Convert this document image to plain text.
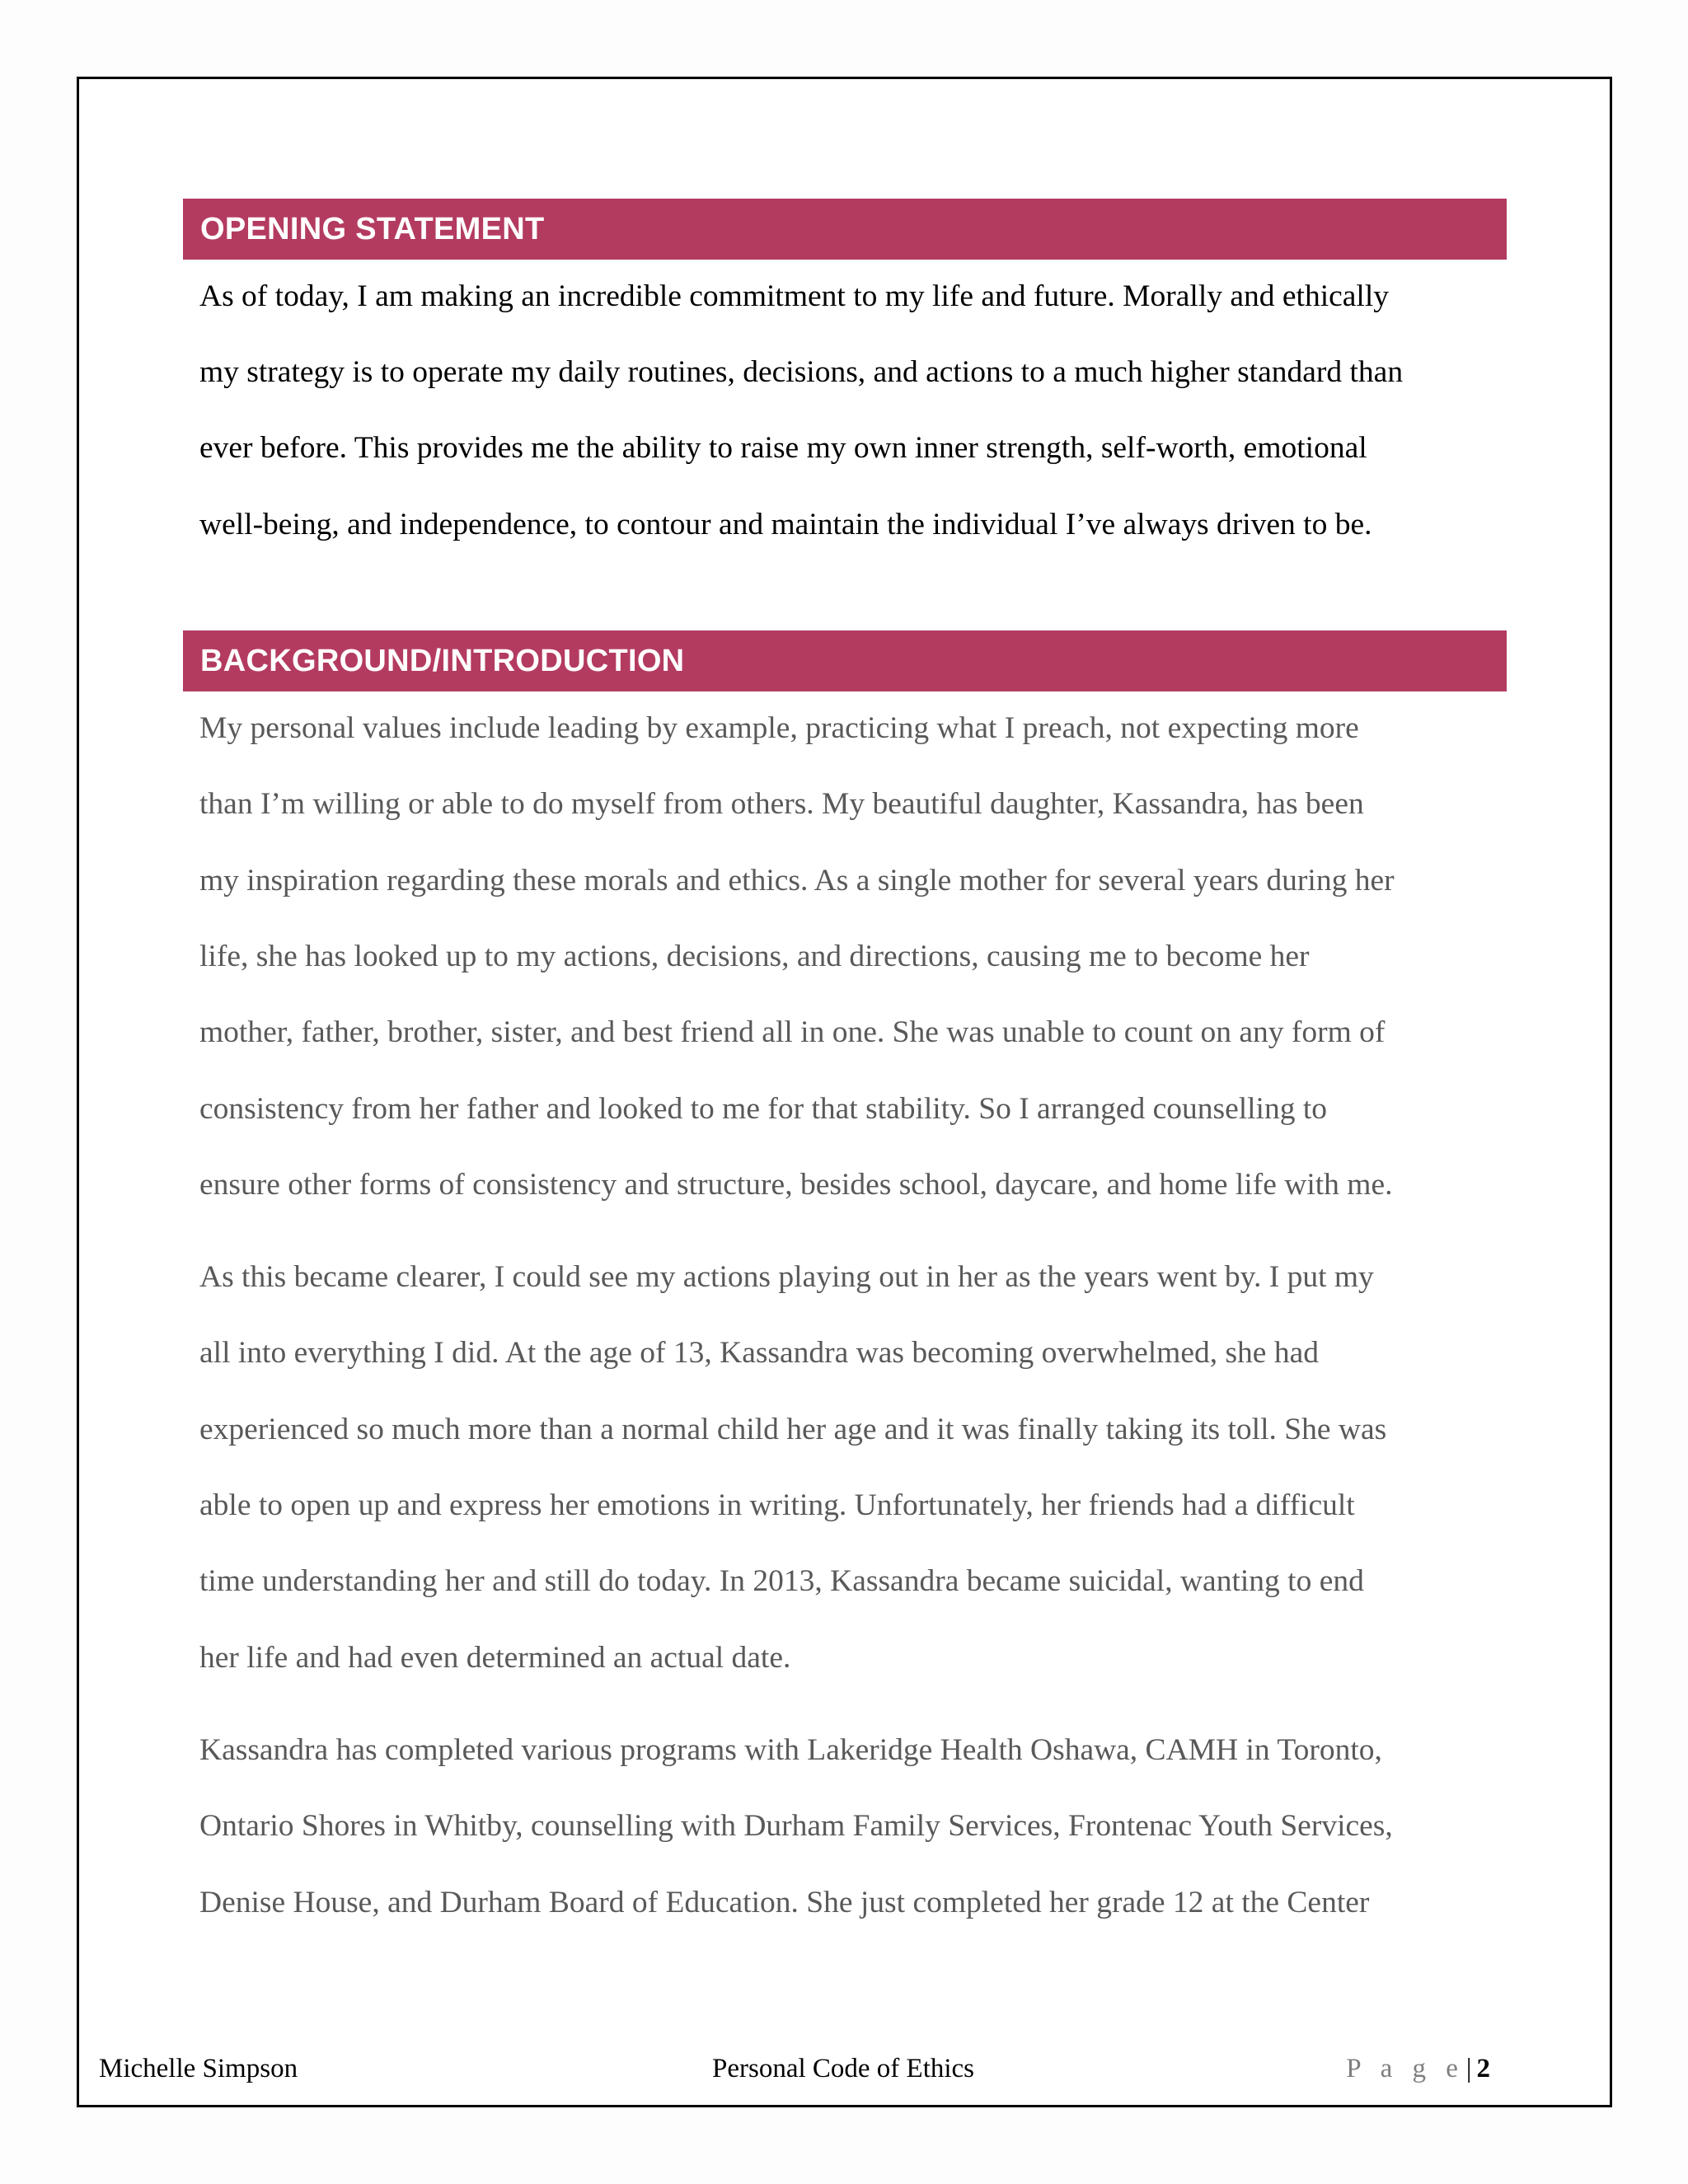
OPENING STATEMENT

As of today, I am making an incredible commitment to my life and future. Morally and ethically

my strategy is to operate my daily routines, decisions, and actions to a much higher standard than

ever before. This provides me the ability to raise my own inner strength, self-worth, emotional

well-being, and independence, to contour and maintain the individual I’ve always driven to be.

BACKGROUND/INTRODUCTION

My personal values include leading by example, practicing what I preach, not expecting more

than I’m willing or able to do myself from others. My beautiful daughter, Kassandra, has been

my inspiration regarding these morals and ethics. As a single mother for several years during her

life, she has looked up to my actions, decisions, and directions, causing me to become her

mother, father, brother, sister, and best friend all in one. She was unable to count on any form of

consistency from her father and looked to me for that stability. So I arranged counselling to

ensure other forms of consistency and structure, besides school, daycare, and home life with me.

As this became clearer, I could see my actions playing out in her as the years went by. I put my

all into everything I did. At the age of 13, Kassandra was becoming overwhelmed, she had

experienced so much more than a normal child her age and it was finally taking its toll. She was

able to open up and express her emotions in writing. Unfortunately, her friends had a difficult

time understanding her and still do today. In 2013, Kassandra became suicidal, wanting to end

her life and had even determined an actual date.

Kassandra has completed various programs with Lakeridge Health Oshawa, CAMH in Toronto,

Ontario Shores in Whitby, counselling with Durham Family Services, Frontenac Youth Services,

Denise House, and Durham Board of Education. She just completed her grade 12 at the Center

Michelle Simpson	Personal Code of Ethics	P a g e| 2
